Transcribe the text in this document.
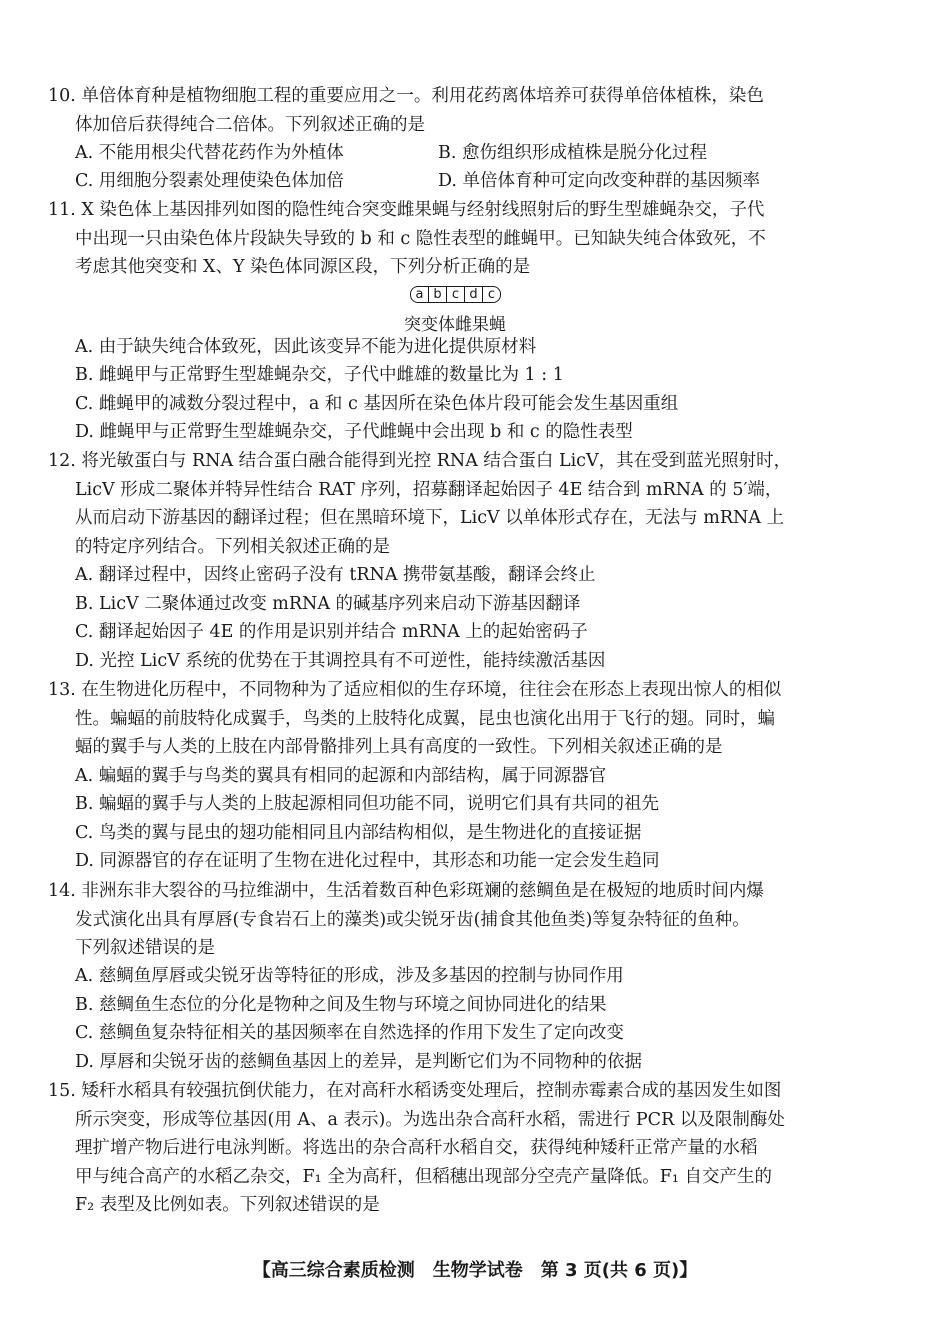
10. 单倍体育种是植物细胞工程的重要应用之一。利用花药离体培养可获得单倍体植株，染色
体加倍后获得纯合二倍体。下列叙述正确的是
A. 不能用根尖代替花药作为外植体	B. 愈伤组织形成植株是脱分化过程
C. 用细胞分裂素处理使染色体加倍	D. 单倍体育种可定向改变种群的基因频率
11. X 染色体上基因排列如图的隐性纯合突变雌果蝇与经射线照射后的野生型雄蝇杂交，子代
中出现一只由染色体片段缺失导致的 b 和 c 隐性表型的雌蝇甲。已知缺失纯合体致死，不
考虑其他突变和 X、Y 染色体同源区段，下列分析正确的是
a b c d c
突变体雌果蝇
A. 由于缺失纯合体致死，因此该变异不能为进化提供原材料
B. 雌蝇甲与正常野生型雄蝇杂交，子代中雌雄的数量比为 1 : 1
C. 雌蝇甲的减数分裂过程中，a 和 c 基因所在染色体片段可能会发生基因重组
D. 雌蝇甲与正常野生型雄蝇杂交，子代雌蝇中会出现 b 和 c 的隐性表型
12. 将光敏蛋白与 RNA 结合蛋白融合能得到光控 RNA 结合蛋白 LicV，其在受到蓝光照射时，
LicV 形成二聚体并特异性结合 RAT 序列，招募翻译起始因子 4E 结合到 mRNA 的 5′端，
从而启动下游基因的翻译过程；但在黑暗环境下，LicV 以单体形式存在，无法与 mRNA 上
的特定序列结合。下列相关叙述正确的是
A. 翻译过程中，因终止密码子没有 tRNA 携带氨基酸，翻译会终止
B. LicV 二聚体通过改变 mRNA 的碱基序列来启动下游基因翻译
C. 翻译起始因子 4E 的作用是识别并结合 mRNA 上的起始密码子
D. 光控 LicV 系统的优势在于其调控具有不可逆性，能持续激活基因
13. 在生物进化历程中，不同物种为了适应相似的生存环境，往往会在形态上表现出惊人的相似
性。蝙蝠的前肢特化成翼手，鸟类的上肢特化成翼，昆虫也演化出用于飞行的翅。同时，蝙
蝠的翼手与人类的上肢在内部骨骼排列上具有高度的一致性。下列相关叙述正确的是
A. 蝙蝠的翼手与鸟类的翼具有相同的起源和内部结构，属于同源器官
B. 蝙蝠的翼手与人类的上肢起源相同但功能不同，说明它们具有共同的祖先
C. 鸟类的翼与昆虫的翅功能相同且内部结构相似，是生物进化的直接证据
D. 同源器官的存在证明了生物在进化过程中，其形态和功能一定会发生趋同
14. 非洲东非大裂谷的马拉维湖中，生活着数百种色彩斑斓的慈鲷鱼是在极短的地质时间内爆
发式演化出具有厚唇(专食岩石上的藻类)或尖锐牙齿(捕食其他鱼类)等复杂特征的鱼种。
下列叙述错误的是
A. 慈鲷鱼厚唇或尖锐牙齿等特征的形成，涉及多基因的控制与协同作用
B. 慈鲷鱼生态位的分化是物种之间及生物与环境之间协同进化的结果
C. 慈鲷鱼复杂特征相关的基因频率在自然选择的作用下发生了定向改变
D. 厚唇和尖锐牙齿的慈鲷鱼基因上的差异，是判断它们为不同物种的依据
15. 矮秆水稻具有较强抗倒伏能力，在对高秆水稻诱变处理后，控制赤霉素合成的基因发生如图
所示突变，形成等位基因(用 A、a 表示)。为选出杂合高秆水稻，需进行 PCR 以及限制酶处
理扩增产物后进行电泳判断。将选出的杂合高秆水稻自交，获得纯种矮秆正常产量的水稻
甲与纯合高产的水稻乙杂交，F₁ 全为高秆，但稻穗出现部分空壳产量降低。F₁ 自交产生的
F₂ 表型及比例如表。下列叙述错误的是
【高三综合素质检测　生物学试卷　第 3 页(共 6 页)】
